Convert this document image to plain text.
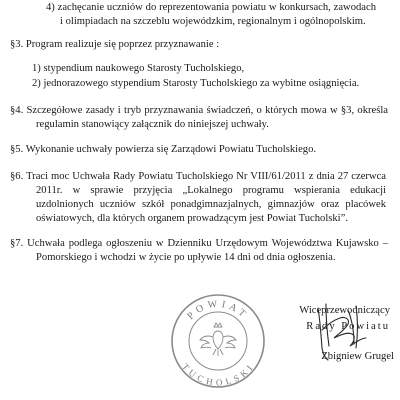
4) zachęcanie uczniów do reprezentowania powiatu w konkursach, zawodach i olimpiadach na szczeblu wojewódzkim, regionalnym i ogólnopolskim.
§3. Program realizuje się poprzez przyznawanie :
1) stypendium naukowego Starosty Tucholskiego,
2) jednorazowego stypendium Starosty Tucholskiego za wybitne osiągnięcia.
§4. Szczegółowe zasady i tryb przyznawania świadczeń, o których mowa w §3, określa regulamin stanowiący załącznik do niniejszej uchwały.
§5. Wykonanie uchwały powierza się Zarządowi Powiatu Tucholskiego.
§6. Traci moc Uchwała Rady Powiatu Tucholskiego Nr VIII/61/2011 z dnia 27 czerwca 2011r. w sprawie przyjęcia „Lokalnego programu wspierania edukacji uzdolnionych uczniów szkół ponadgimnazjalnych, gimnazjów oraz placówek oświatowych, dla których organem prowadzącym jest Powiat Tucholski”.
§7. Uchwała podlega ogłoszeniu w Dzienniku Urzędowym Województwa Kujawsko – Pomorskiego i wchodzi w życie po upływie 14 dni od dnia ogłoszenia.
POWIAT
TUCHOLSKI
Wiceprzewodniczący
Rady Powiatu
Zbigniew Grugel
